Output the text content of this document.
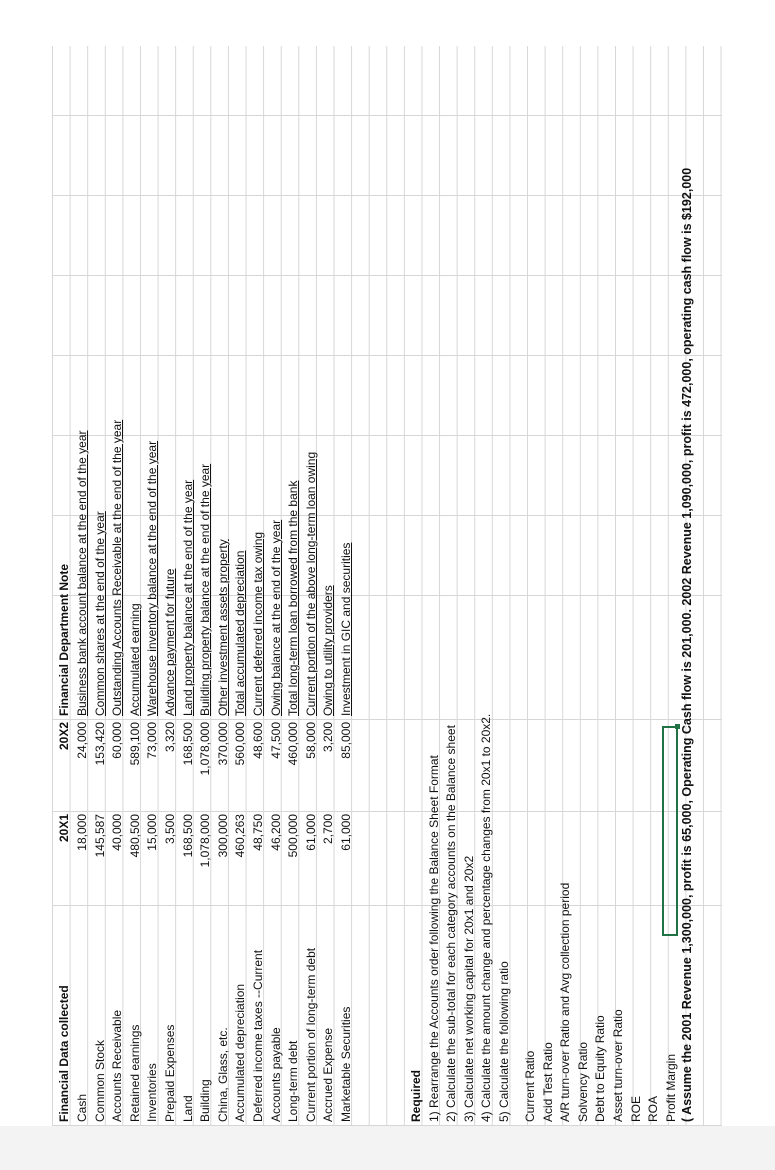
Financial Data collected
20X1
20X2
Financial Department Note
Cash
18,000
24,000
Business bank account balance at the end of the year
Common Stock
145,587
153,420
Common shares at the end of the year
Accounts Receivable
40,000
60,000
Outstanding Accounts Receivable at the end of the year
Retained earnings
480,500
589,100
Accumulated earning
Inventories
15,000
73,000
Warehouse inventory balance at the end of the year
Prepaid Expenses
3,500
3,320
Advance payment for future
Land
168,500
168,500
Land property balance at the end of the year
Building
1,078,000
1,078,000
Building property balance at the end of the year
China, Glass, etc.
300,000
370,000
Other investment assets property
Accumulated depreciation
460,263
560,000
Total accumulated depreciation
Deferred income taxes --Current
48,750
48,600
Current deferred income tax owing
Accounts payable
46,200
47,500
Owing balance at the end of the year
Long-term debt
500,000
460,000
Total long-term loan borrowed from the bank
Current portion of long-term debt
61,000
58,000
Current portion of the above long-term loan owing
Accrued Expense
2,700
3,200
Owing to utility providers
Marketable Securities
61,000
85,000
Investment in GIC and securities
Required 1) Rearrange the Accounts order following the Balance Sheet Format 2) Calculate the sub-total for each category accounts on the Balance sheet 3) Calculate net working capital for 20x1 and 20x2 4) Calculate the amount change and percentage changes from 20x1 to 20x2. 5) Calculate the following ratio Current Ratio Acid Test Ratio A/R turn-over Ratio and Avg collection period Solvency Ratio Debt to Equity Ratio Asset turn-over Ratio ROE ROA Profit Margin ( Assume the 2001 Revenue 1,300,000, profit is 65,000, Operating Cash flow is 201,000. 2002 Revenue 1,090,000, profit is 472,000, operating cash flow is $192,000
